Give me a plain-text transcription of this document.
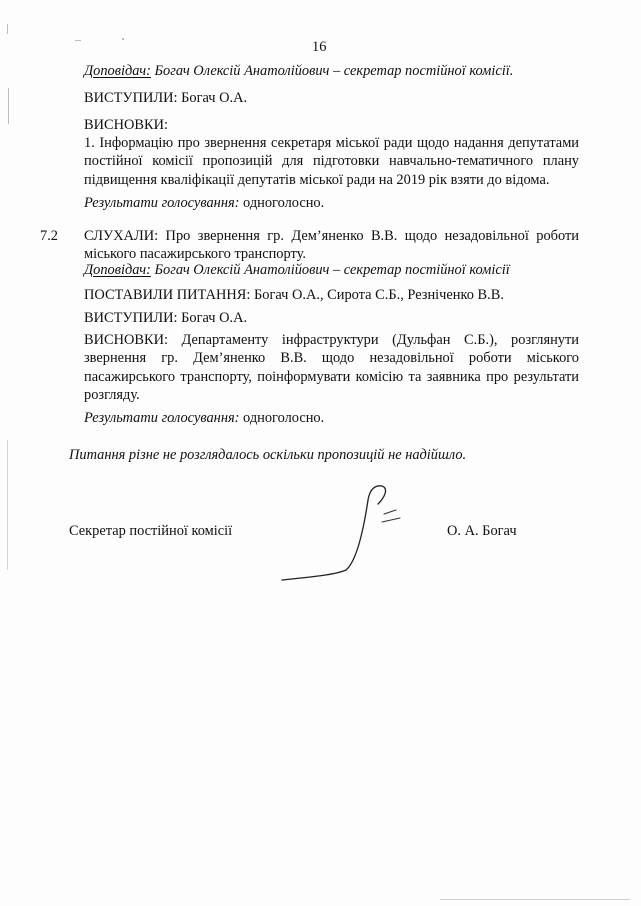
16
Доповідач: Богач Олексій Анатолійович – секретар постійної комісії.
ВИСТУПИЛИ: Богач О.А.
ВИСНОВКИ:
1. Інформацію про звернення секретаря міської ради щодо надання депутатами постійної комісії пропозицій для підготовки навчально-тематичного плану підвищення кваліфікації депутатів міської ради на 2019 рік взяти до відома.
Результати голосування: одноголосно.
7.2 СЛУХАЛИ: Про звернення гр. Дем’яненко В.В. щодо незадовільної роботи міського пасажирського транспорту.
Доповідач: Богач Олексій Анатолійович – секретар постійної комісії
ПОСТАВИЛИ ПИТАННЯ: Богач О.А., Сирота С.Б., Резніченко В.В.
ВИСТУПИЛИ: Богач О.А.
ВИСНОВКИ: Департаменту інфраструктури (Дульфан С.Б.), розглянути звернення гр. Дем’яненко В.В. щодо незадовільної роботи міського пасажирського транспорту, поінформувати комісію та заявника про результати розгляду.
Результати голосування: одноголосно.
Питання різне не розглядалось оскільки пропозицій не надійшло.
Секретар постійної комісії	О. А. Богач
